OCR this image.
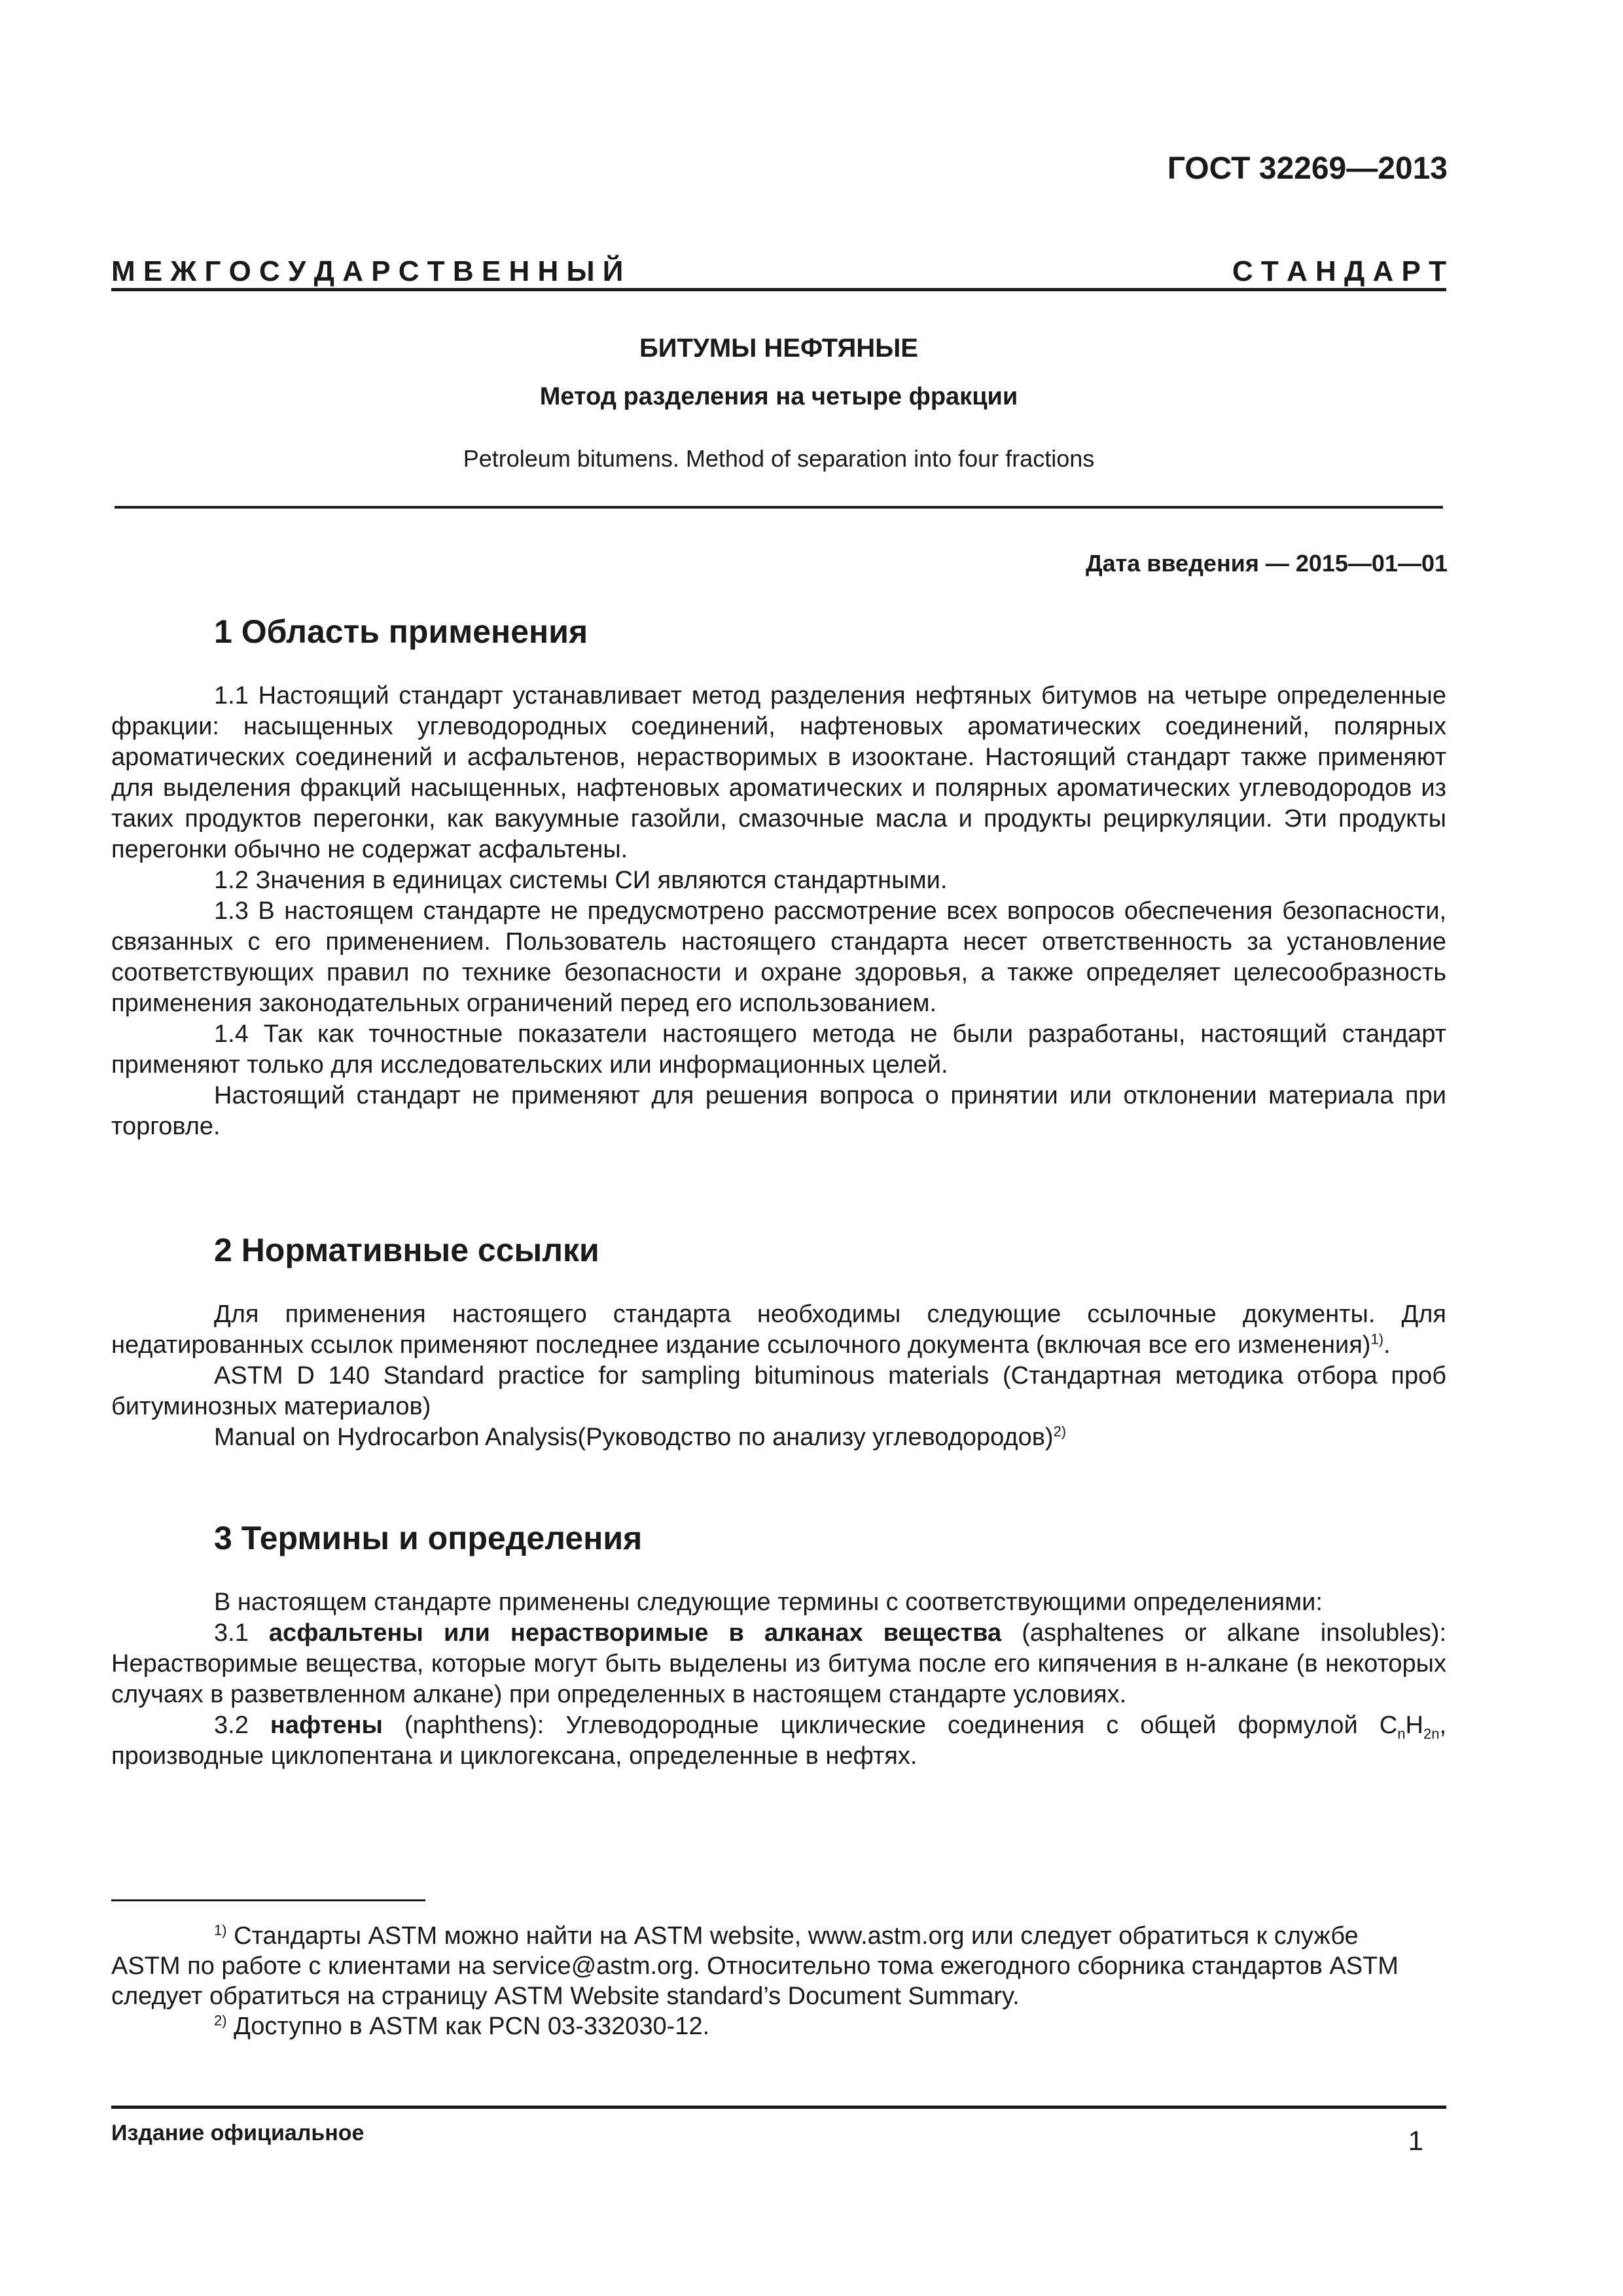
ГОСТ 32269—2013
М Е Ж Г О С У Д А Р С Т В Е Н Н Ы Й	С Т А Н Д А Р Т
БИТУМЫ НЕФТЯНЫЕ
Метод разделения на четыре фракции
Petroleum bitumens. Method of separation into four fractions
Дата введения — 2015—01—01
1 Область применения

1.1 Настоящий стандарт устанавливает метод разделения нефтяных битумов на четыре определенные фракции: насыщенных углеводородных соединений, нафтеновых ароматических соединений, полярных ароматических соединений и асфальтенов, нерастворимых в изооктане. Настоящий стандарт также применяют для выделения фракций насыщенных, нафтеновых ароматических и полярных ароматических углеводородов из таких продуктов перегонки, как вакуумные газойли, смазочные масла и продукты рециркуляции. Эти продукты перегонки обычно не содержат асфальтены.

1.2 Значения в единицах системы СИ являются стандартными.

1.3 В настоящем стандарте не предусмотрено рассмотрение всех вопросов обеспечения безопасности, связанных с его применением. Пользователь настоящего стандарта несет ответственность за установление соответствующих правил по технике безопасности и охране здоровья, а также определяет целесообразность применения законодательных ограничений перед его использованием.

1.4 Так как точностные показатели настоящего метода не были разработаны, настоящий стандарт применяют только для исследовательских или информационных целей.

Настоящий стандарт не применяют для решения вопроса о принятии или отклонении материала при торговле.

2 Нормативные ссылки

Для применения настоящего стандарта необходимы следующие ссылочные документы. Для недатированных ссылок применяют последнее издание ссылочного документа (включая все его изменения)$^{1)}$.

ASTM D 140 Standard practice for sampling bituminous materials (Стандартная методика отбора проб битуминозных материалов)

Manual on Hydrocarbon Analysis(Руководство по анализу углеводородов)$^{2)}$

3 Термины и определения

В настоящем стандарте применены следующие термины с соответствующими определениями:

3.1 асфальтены или нерастворимые в алканах вещества (asphaltenes or alkane insolubles): Нерастворимые вещества, которые могут быть выделены из битума после его кипячения в н-алкане (в некоторых случаях в разветвленном алкане) при определенных в настоящем стандарте условиях.

3.2 нафтены (naphthens): Углеводородные циклические соединения с общей формулой $C_nH_{2n}$, производные циклопентана и циклогексана, определенные в нефтях.

$^{1)}$ Стандарты ASTM можно найти на ASTM website, www.astm.org или следует обратиться к службе ASTM по работе с клиентами на service@astm.org. Относительно тома ежегодного сборника стандартов ASTM следует обратиться на страницу ASTM Website standard’s Document Summary.

$^{2)}$ Доступно в ASTM как PCN 03-332030-12.

Издание официальное	1
